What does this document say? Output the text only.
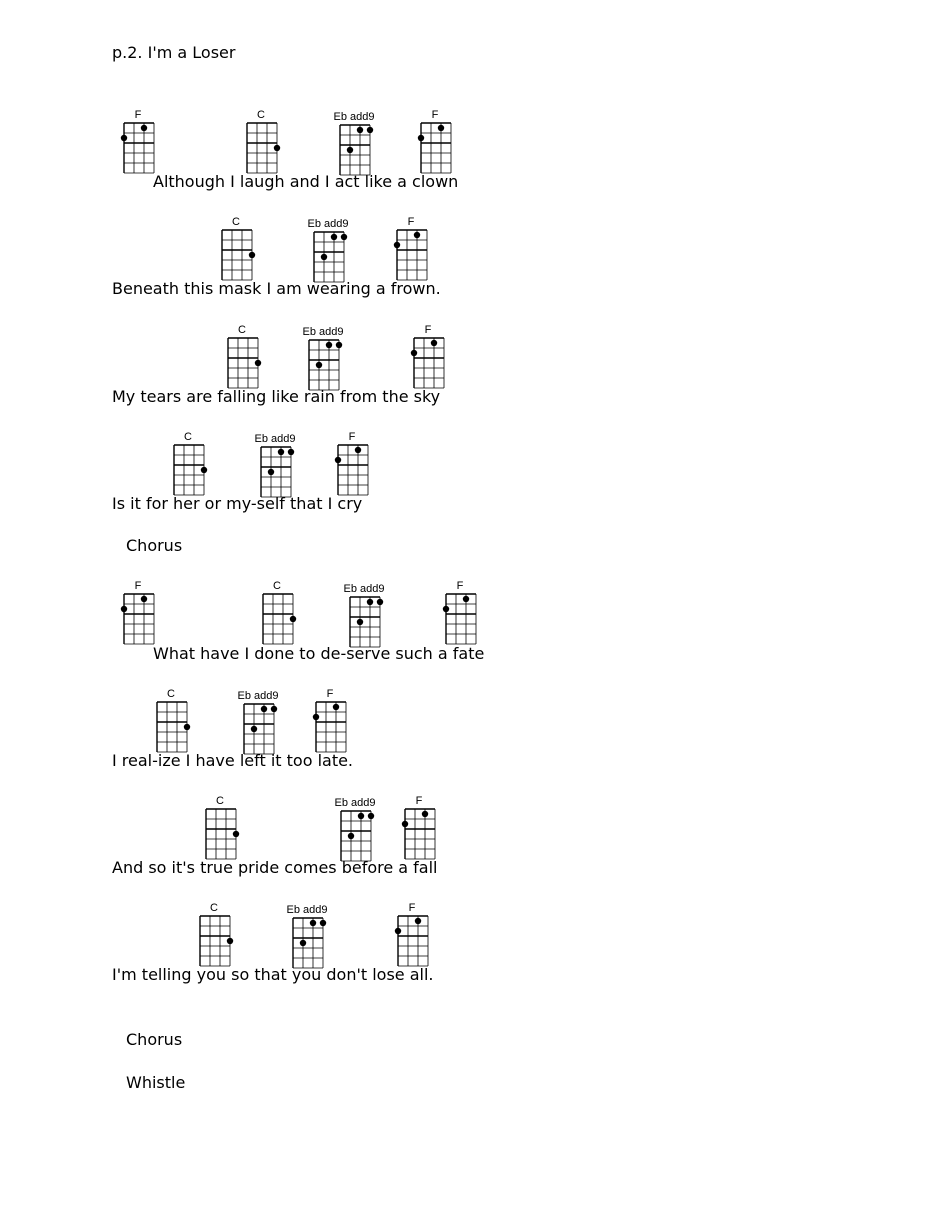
p.2. I'm a Loser
F	C	Eb add9	F
Although I laugh and I act like a clown
C	Eb add9	F
Beneath this mask I am wearing a frown.
C	Eb add9	F
My tears are falling like rain from the sky
C	Eb add9	F
Is it for her or my-self that I cry
Chorus
F	C	Eb add9	F
What have I done to de-serve such a fate
C	Eb add9	F
I real-ize I have left it too late.
C	Eb add9	F
And so it's true pride comes before a fall
C	Eb add9	F
I'm telling you so that you don't lose all.
Chorus
Whistle
